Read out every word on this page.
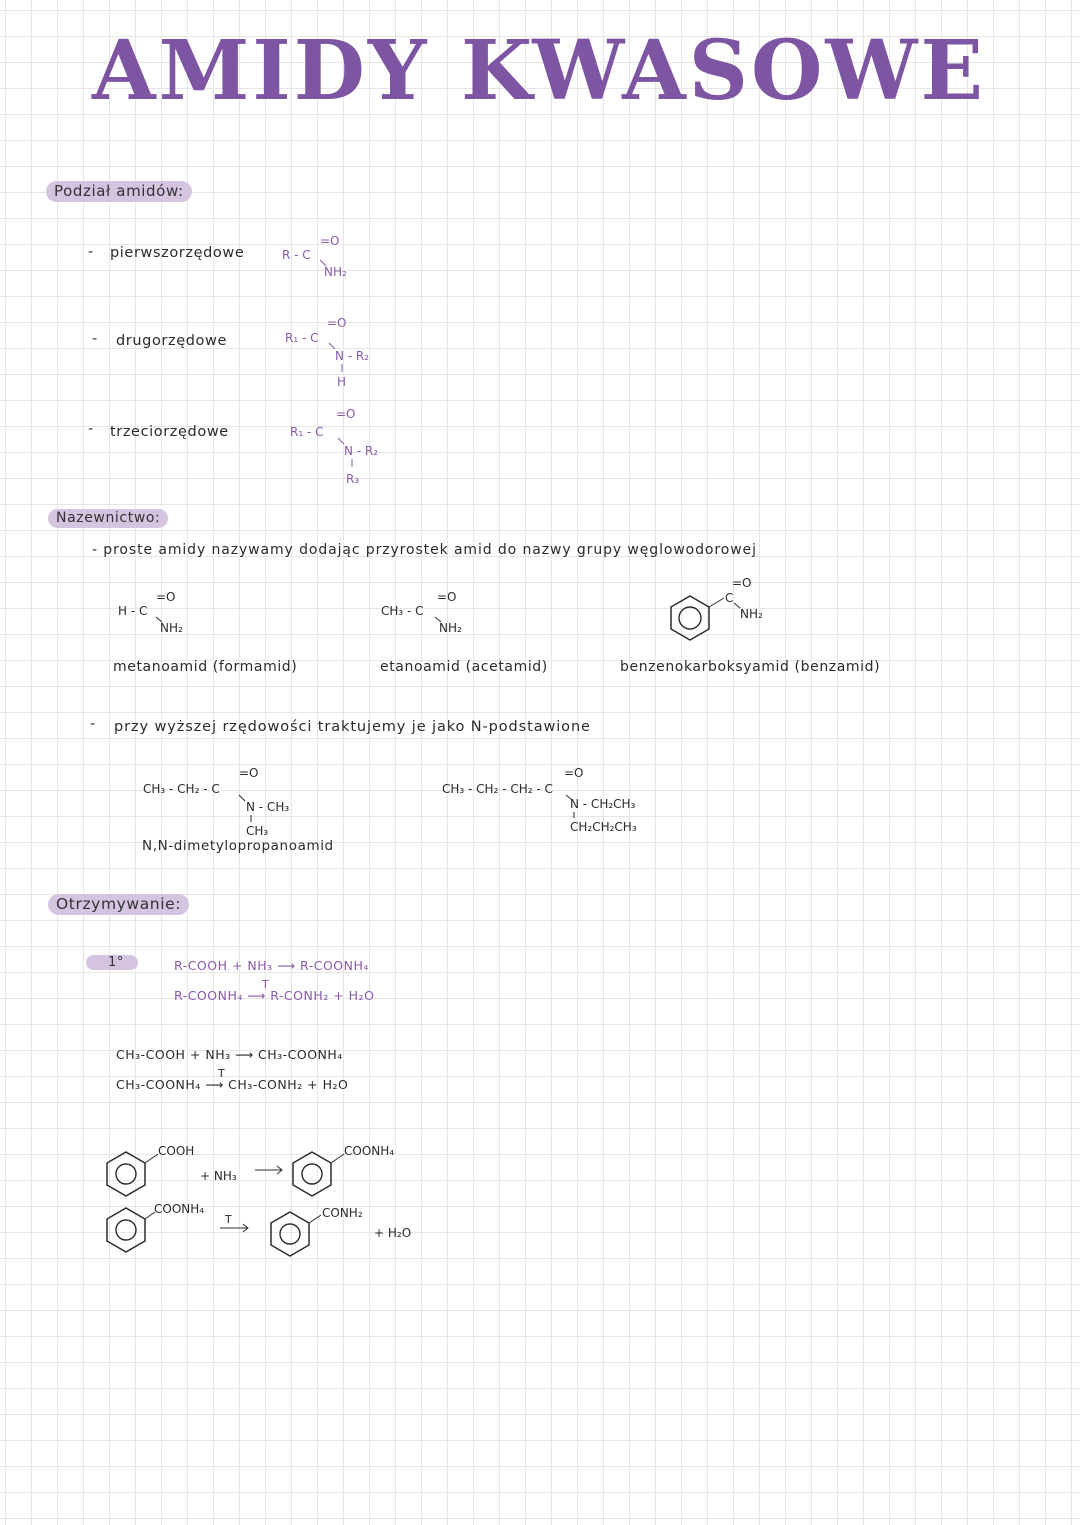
AMIDY KWASOWE
Podział amidów:
- pierwszorzędowe	R - C
=O
NH₂
- drugorzędowe	R₁ - C
=O
N - R₂
H
- trzeciorzędowe	R₁ - C
=O
N - R₂
R₃
Nazewnictwo:
- proste amidy nazywamy dodając przyrostek amid do nazwy grupy węglowodorowej
H - C
=O
NH₂
metanoamid (formamid)
CH₃ - C
=O
NH₂
etanoamid (acetamid)
C
=O
NH₂
benzenokarboksyamid (benzamid)
- przy wyższej rzędowości traktujemy je jako N-podstawione
CH₃ - CH₂ - C
=O
N - CH₃
CH₃
N,N-dimetylopropanoamid
CH₃ - CH₂ - CH₂ - C
=O
N - CH₂CH₃
CH₂CH₂CH₃
Otrzymywanie:
1°	R-COOH + NH₃ ⟶ R-COONH₄
R-COONH₄ ⟶ R-CONH₂ + H₂O
T
CH₃-COOH + NH₃ ⟶ CH₃-COONH₄
CH₃-COONH₄ ⟶ CH₃-CONH₂ + H₂O
T
COOH
+ NH₃
COONH₄
COONH₄
T	CONH₂
+ H₂O
